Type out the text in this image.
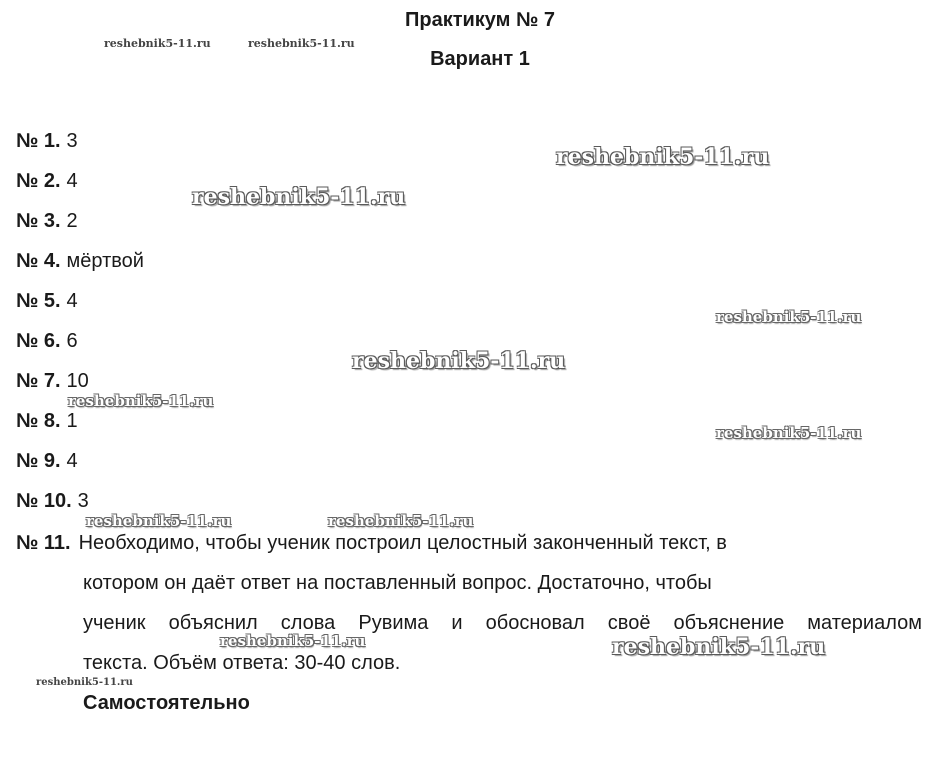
Практикум № 7
Вариант 1
№ 1. 3
№ 2. 4
№ 3. 2
№ 4. мёртвой
№ 5. 4
№ 6. 6
№ 7. 10
№ 8. 1
№ 9. 4
№ 10. 3
№ 11. Необходимо, чтобы ученик построил целостный законченный текст, в
котором он даёт ответ на поставленный вопрос. Достаточно, чтобы
ученик объяснил слова Рувима и обосновал своё объяснение материалом
текста. Объём ответа: 30-40 слов.
Самостоятельно
reshebnik5-11.ru	reshebnik5-11.ru
reshebnik5-11.ru
reshebnik5-11.ru
reshebnik5-11.ru
reshebnik5-11.ru
reshebnik5-11.ru
reshebnik5-11.ru
reshebnik5-11.ru	reshebnik5-11.ru
reshebnik5-11.ru	reshebnik5-11.ru
reshebnik5-11.ru
